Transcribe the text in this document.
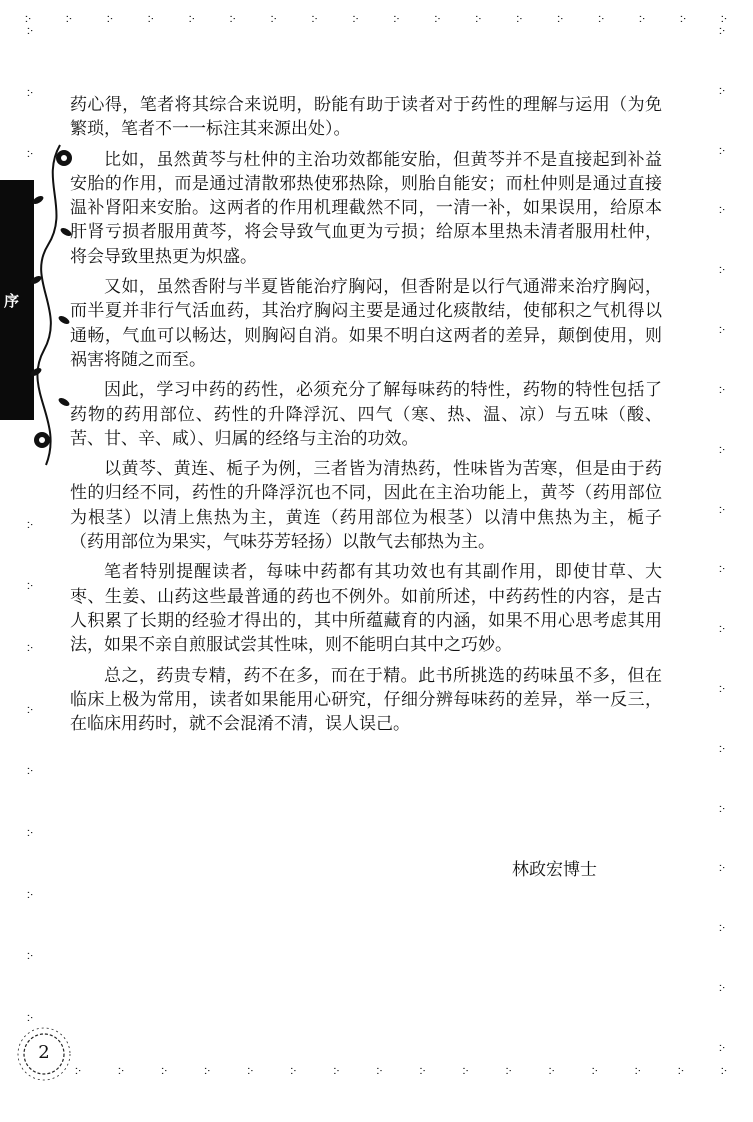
჻	჻	჻	჻	჻	჻	჻	჻	჻	჻	჻	჻	჻	჻	჻	჻	჻	჻
჻	჻	჻	჻	჻	჻	჻	჻	჻	჻	჻	჻	჻	჻	჻	჻
჻
჻
჻
჻
჻
჻
჻
჻
჻
჻
჻
჻
჻
჻
჻
჻
჻
჻
჻
჻
჻
჻
჻
჻
჻
჻
჻
჻
჻
჻
序

药心得，笔者将其综合来说明，盼能有助于读者对于药性的理解与运用（为免繁琐，笔者不一一标注其来源出处）。

比如，虽然黄芩与杜仲的主治功效都能安胎，但黄芩并不是直接起到补益安胎的作用，而是通过清散邪热使邪热除，则胎自能安；而杜仲则是通过直接温补肾阳来安胎。这两者的作用机理截然不同，一清一补，如果误用，给原本肝肾亏损者服用黄芩，将会导致气血更为亏损；给原本里热未清者服用杜仲，将会导致里热更为炽盛。

又如，虽然香附与半夏皆能治疗胸闷，但香附是以行气通滞来治疗胸闷，而半夏并非行气活血药，其治疗胸闷主要是通过化痰散结，使郁积之气机得以通畅，气血可以畅达，则胸闷自消。如果不明白这两者的差异，颠倒使用，则祸害将随之而至。

因此，学习中药的药性，必须充分了解每味药的特性，药物的特性包括了药物的药用部位、药性的升降浮沉、四气（寒、热、温、凉）与五味（酸、苦、甘、辛、咸）、归属的经络与主治的功效。

以黄芩、黄连、栀子为例，三者皆为清热药，性味皆为苦寒，但是由于药性的归经不同，药性的升降浮沉也不同，因此在主治功能上，黄芩（药用部位为根茎）以清上焦热为主，黄连（药用部位为根茎）以清中焦热为主，栀子（药用部位为果实，气味芬芳轻扬）以散气去郁热为主。

笔者特别提醒读者，每味中药都有其功效也有其副作用，即使甘草、大枣、生姜、山药这些最普通的药也不例外。如前所述，中药药性的内容，是古人积累了长期的经验才得出的，其中所蕴藏育的内涵，如果不用心思考虑其用法，如果不亲自煎服试尝其性味，则不能明白其中之巧妙。

总之，药贵专精，药不在多，而在于精。此书所挑选的药味虽不多，但在临床上极为常用，读者如果能用心研究，仔细分辨每味药的差异，举一反三，在临床用药时，就不会混淆不清，误人误己。

林政宏博士
2
